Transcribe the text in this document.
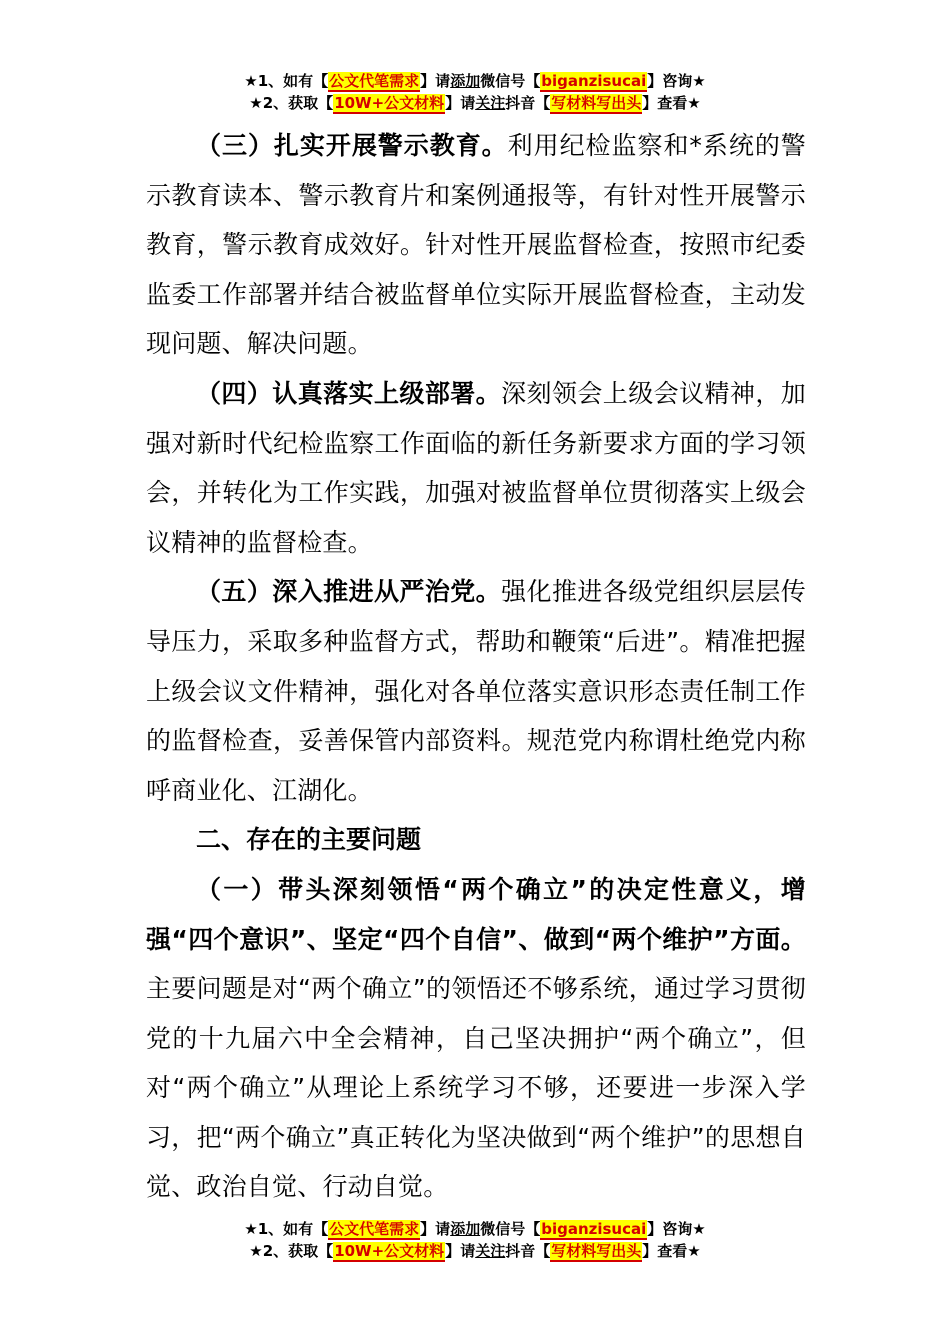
★1、如有【公文代笔需求】请添加微信号【biganzisucai】咨询★
★2、获取【10W+公文材料】请关注抖音【写材料写出头】查看★

（三）扎实开展警示教育。利用纪检监察和*系统的警示教育读本、警示教育片和案例通报等，有针对性开展警示教育，警示教育成效好。针对性开展监督检查，按照市纪委监委工作部署并结合被监督单位实际开展监督检查，主动发现问题、解决问题。

（四）认真落实上级部署。深刻领会上级会议精神，加强对新时代纪检监察工作面临的新任务新要求方面的学习领会，并转化为工作实践，加强对被监督单位贯彻落实上级会议精神的监督检查。

（五）深入推进从严治党。强化推进各级党组织层层传导压力，采取多种监督方式，帮助和鞭策“后进”。精准把握上级会议文件精神，强化对各单位落实意识形态责任制工作的监督检查，妥善保管内部资料。规范党内称谓杜绝党内称呼商业化、江湖化。

二、存在的主要问题

（一）带头深刻领悟“两个确立”的决定性意义，增强“四个意识”、坚定“四个自信”、做到“两个维护”方面。主要问题是对“两个确立”的领悟还不够系统，通过学习贯彻党的十九届六中全会精神，自己坚决拥护“两个确立”，但对“两个确立”从理论上系统学习不够，还要进一步深入学习，把“两个确立”真正转化为坚决做到“两个维护”的思想自觉、政治自觉、行动自觉。

★1、如有【公文代笔需求】请添加微信号【biganzisucai】咨询★
★2、获取【10W+公文材料】请关注抖音【写材料写出头】查看★
